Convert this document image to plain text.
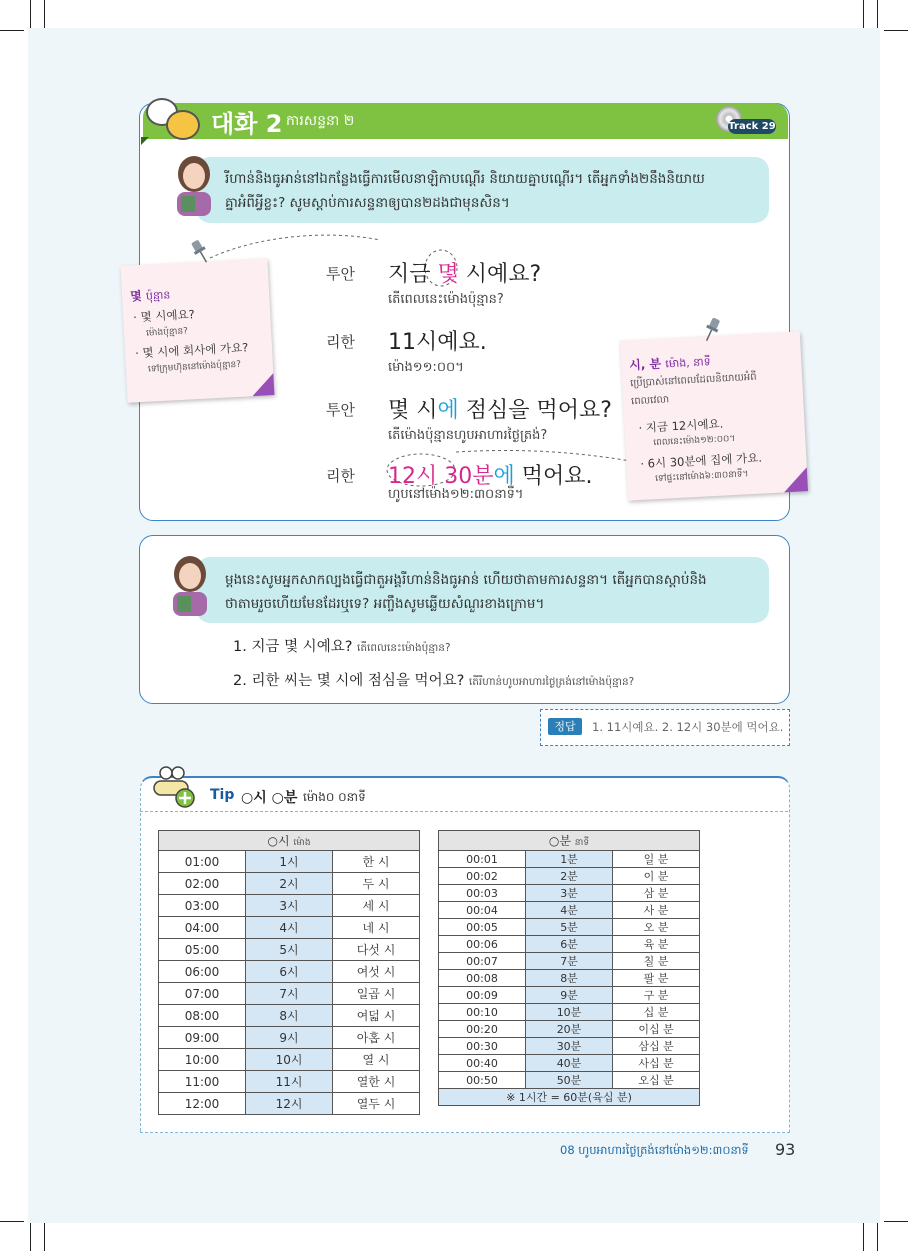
대화 2 ការសន្ទនា ២	Track 29
រីហាន់និងធូអាន់នៅឯកន្លែងធ្វើការមើលនាឡិកាបណ្ដើរ និយាយគ្នាបណ្ដើរ។ តើអ្នកទាំង២នឹងនិយាយ
គ្នាអំពីអ្វីខ្លះ? សូមស្ដាប់ការសន្ទនាឲ្យបាន២ដងជាមុនសិន។
몇 ប៉ុន្មាន
· 몇 시예요?
ម៉ោងប៉ុន្មាន?
· 몇 시에 회사에 가요?
ទៅក្រុមហ៊ុននៅម៉ោងប៉ុន្មាន?
투안 지금 몇 시예요?
តើពេលនេះម៉ោងប៉ុន្មាន?
리한 11시예요.
ម៉ោង១១:០០។
투안 몇 시에 점심을 먹어요?
តើម៉ោងប៉ុន្មានហូបអាហារថ្ងៃត្រង់?
리한 12시 30분에 먹어요.
ហូបនៅម៉ោង១២:៣០នាទី។
시, 분 ម៉ោង, នាទី
ប្រើប្រាស់នៅពេលដែលនិយាយអំពី
ពេលវេលា
· 지금 12시예요.
ពេលនេះម៉ោង១២:០០។
· 6시 30분에 집에 가요.
ទៅផ្ទះនៅម៉ោង៦:៣០នាទី។
ម្ដងនេះសូមអ្នកសាកល្បងធ្វើជាតួអង្គរីហាន់និងធូអាន់ ហើយថាតាមការសន្ទនា។ តើអ្នកបានស្ដាប់និង
ថាតាមរួចហើយមែនដែរឬទេ? អញ្ចឹងសូមឆ្លើយសំណួរខាងក្រោម។
1. 지금 몇 시예요? តើពេលនេះម៉ោងប៉ុន្មាន?
2. 리한 씨는 몇 시에 점심을 먹어요? តើរីហាន់ហូបអាហារថ្ងៃត្រង់នៅម៉ោងប៉ុន្មាន?
정답	1. 11시예요. 2. 12시 30분에 먹어요.
Tip ○시 ○분 ម៉ោង០ ០នាទី
○시 ម៉ោង		
01:00	1시	한 시
02:00	2시	두 시
03:00	3시	세 시
04:00	4시	네 시
05:00	5시	다섯 시
06:00	6시	여섯 시
07:00	7시	일곱 시
08:00	8시	여덟 시
09:00	9시	아홉 시
10:00	10시	열 시
11:00	11시	열한 시
12:00	12시	열두 시
○분 នាទី		
00:01	1분	일 분
00:02	2분	이 분
00:03	3분	삼 분
00:04	4분	사 분
00:05	5분	오 분
00:06	6분	육 분
00:07	7분	칠 분
00:08	8분	팔 분
00:09	9분	구 분
00:10	10분	십 분
00:20	20분	이십 분
00:30	30분	삼십 분
00:40	40분	사십 분
00:50	50분	오십 분
※ 1시간 = 60분(육십 분)		
08 ហូបអាហារថ្ងៃត្រង់នៅម៉ោង១២:៣០នាទី 93
